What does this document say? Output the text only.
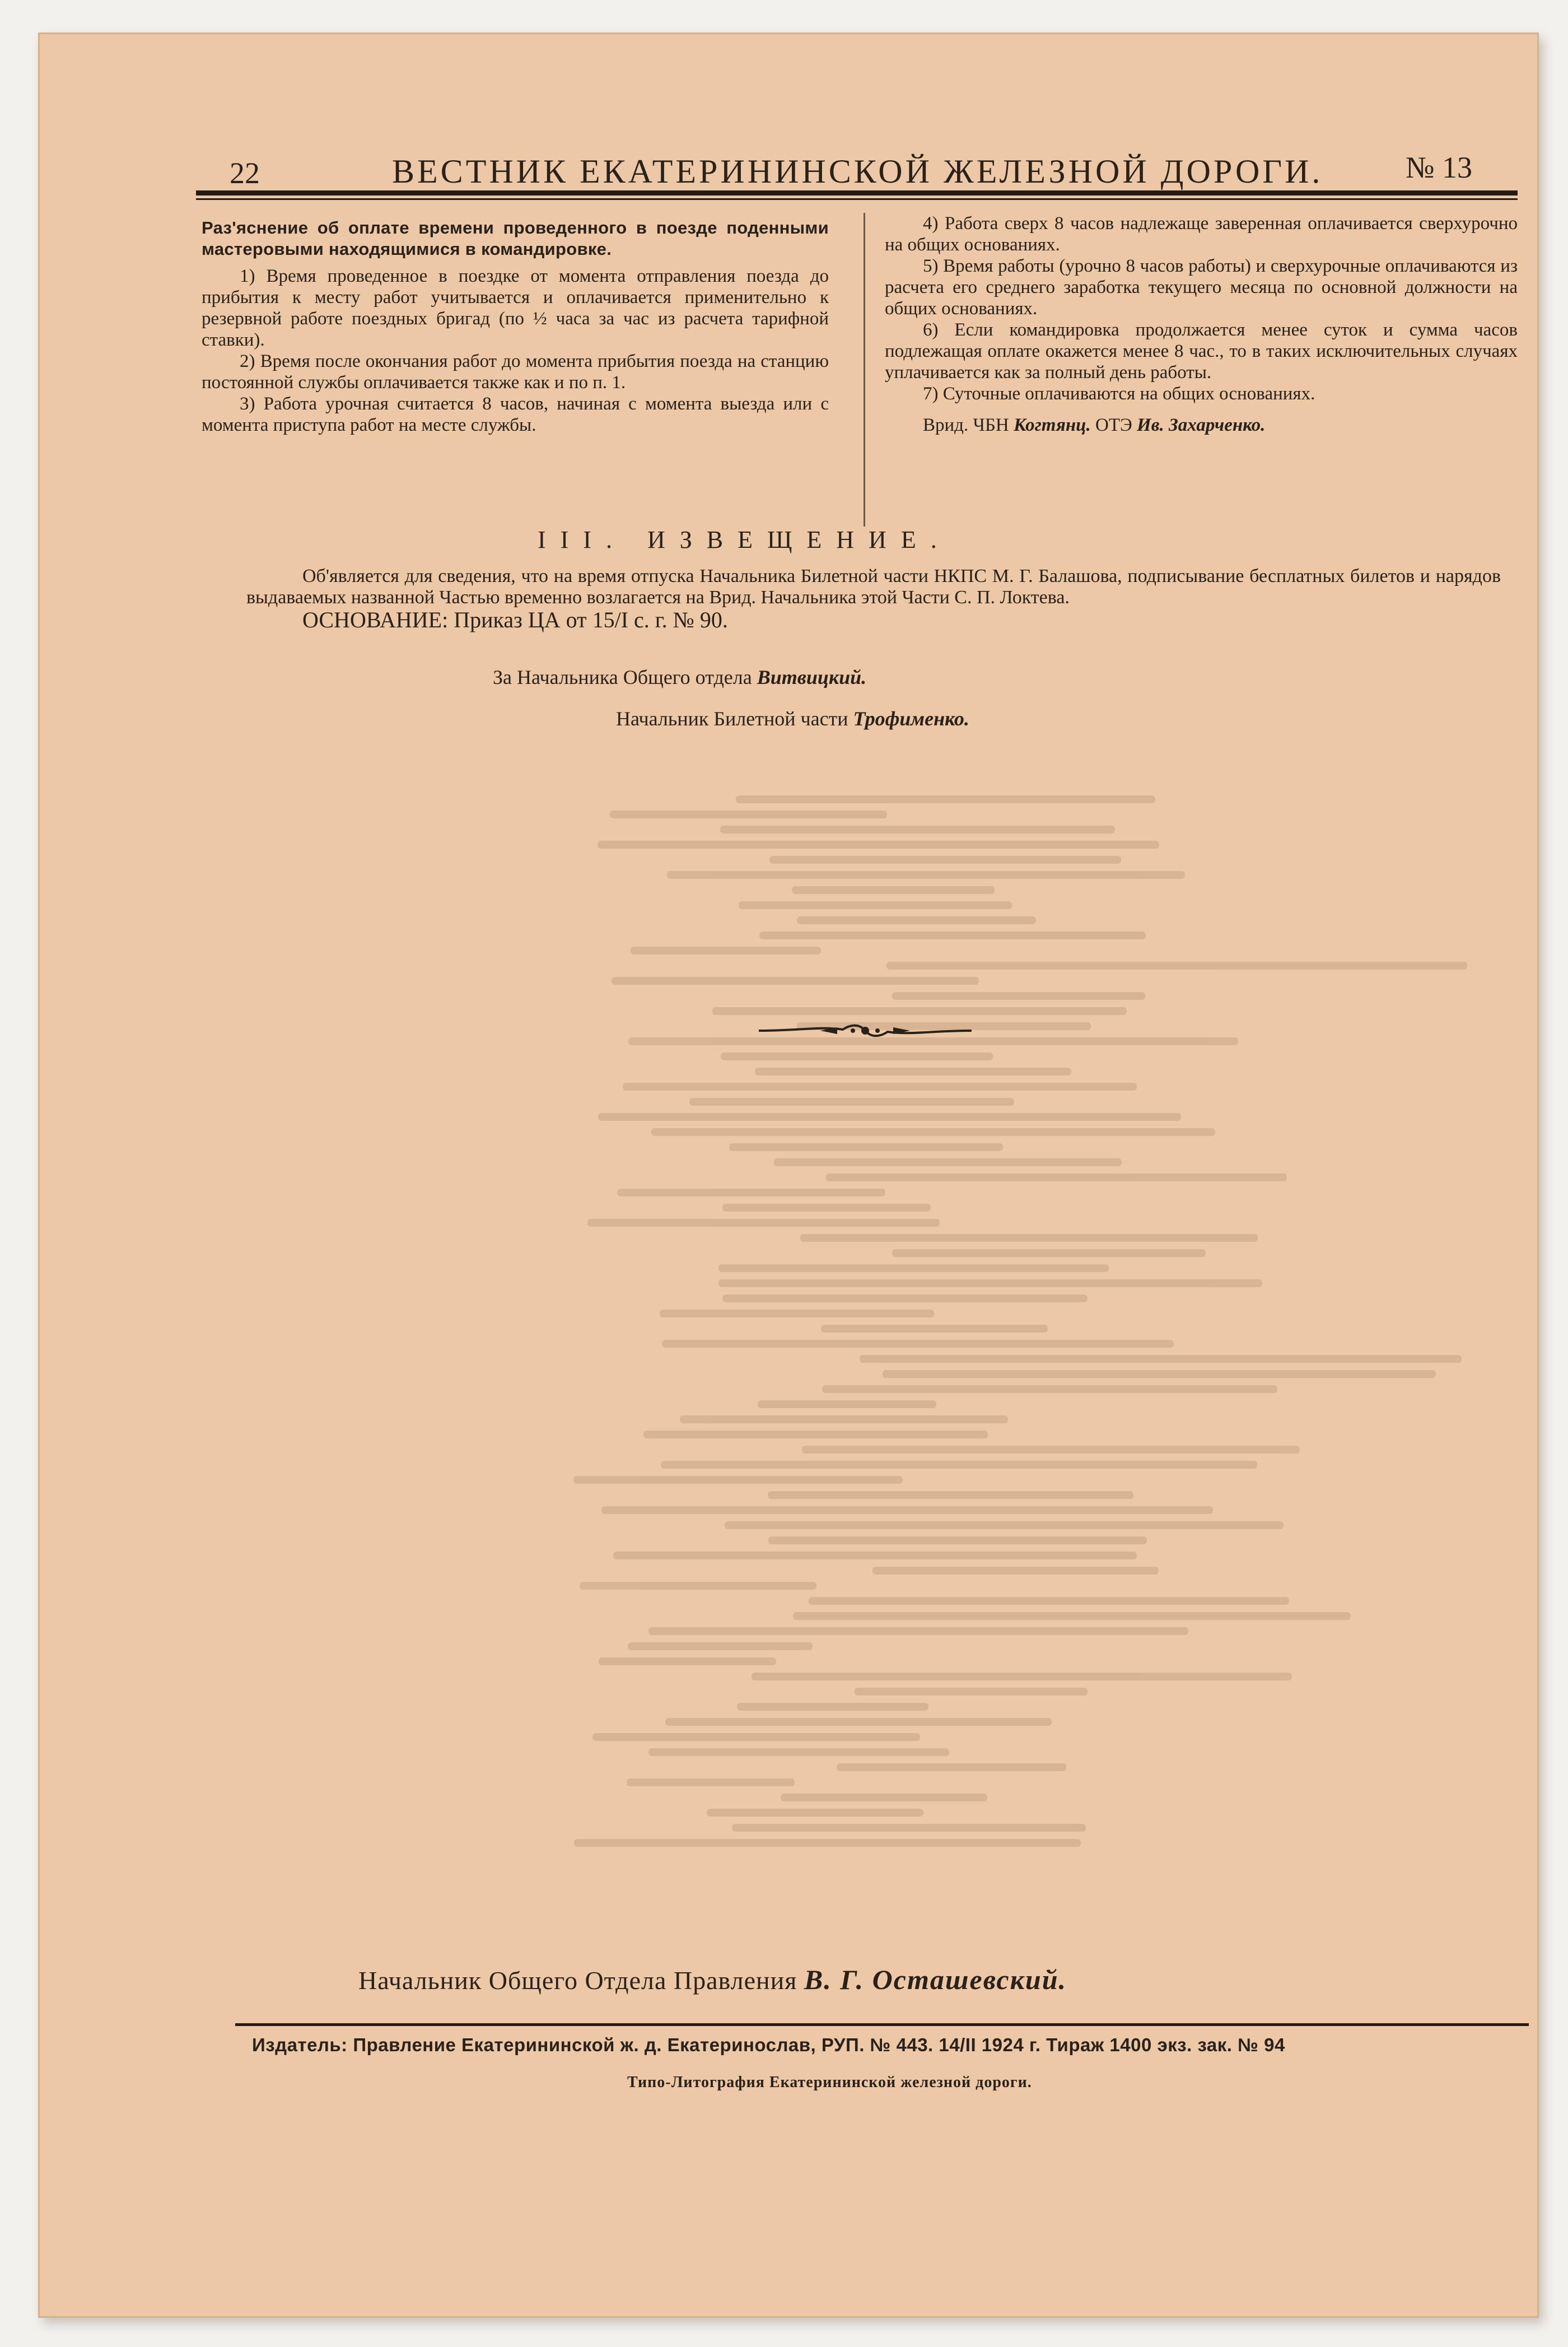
22	ВЕСТНИК ЕКАТЕРИНИНСКОЙ ЖЕЛЕЗНОЙ ДОРОГИ.	№ 13

Раз'яснение об оплате времени проведенного в поезде поденными мастеровыми находящимися в командировке.

1) Время проведенное в поездке от момента отправления поезда до прибытия к месту работ учитывается и оплачивается применительно к резервной работе поездных бригад (по ½ часа за час из расчета тарифной ставки).

2) Время после окончания работ до момента прибытия поезда на станцию постоянной службы оплачивается также как и по п. 1.

3) Работа урочная считается 8 часов, начиная с момента выезда или с момента приступа работ на месте службы.

4) Работа сверх 8 часов надлежаще заверенная оплачивается сверхурочно на общих основаниях.

5) Время работы (урочно 8 часов работы) и сверхурочные оплачиваются из расчета его среднего заработка текущего месяца по основной должности на общих основаниях.

6) Если командировка продолжается менее суток и сумма часов подлежащая оплате окажется менее 8 час., то в таких исключительных случаях уплачивается как за полный день работы.

7) Суточные оплачиваются на общих основаниях.

Врид. ЧБН Когтянц. ОТЭ Ив. Захарченко.

III. ИЗВЕЩЕНИЕ.

Об'является для сведения, что на время отпуска Начальника Билетной части НКПС М. Г. Балашова, подписывание бесплатных билетов и нарядов выдаваемых названной Частью временно возлагается на Врид. Начальника этой Части С. П. Локтева.

ОСНОВАНИЕ: Приказ ЦА от 15/I с. г. № 90.

За Начальника Общего отдела Витвицкий.
Начальник Билетной части Трофименко.
Начальник Общего Отдела Правления В. Г. Осташевский.
Издатель: Правление Екатерининской ж. д. Екатеринослав, РУП. № 443. 14/II 1924 г. Тираж 1400 экз. зак. № 94
Типо-Литография Екатерининской железной дороги.
